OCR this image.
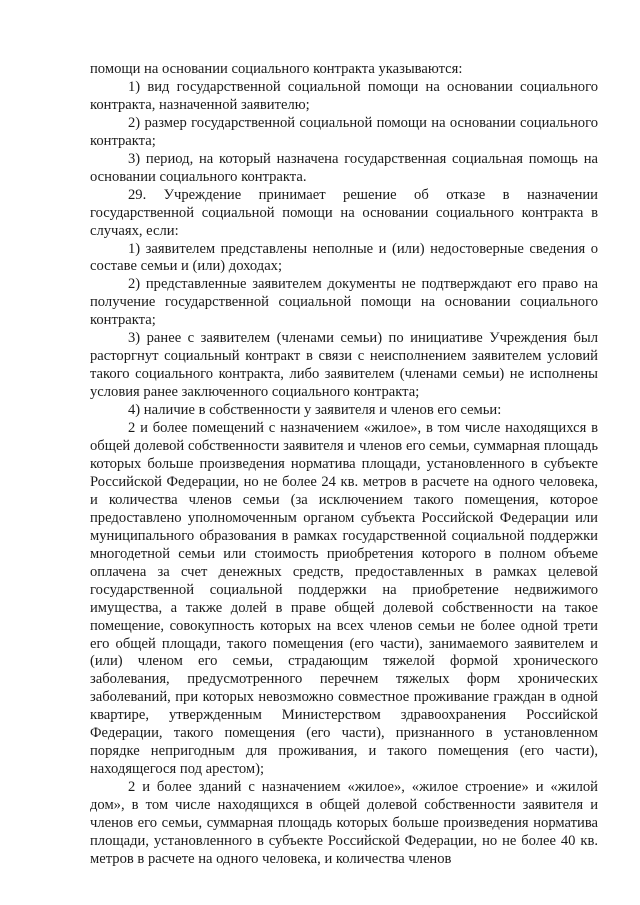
помощи на основании социального контракта указываются:

1) вид государственной социальной помощи на основании социального контракта, назначенной заявителю;

2) размер государственной социальной помощи на основании социального контракта;

3) период, на который назначена государственная социальная помощь на основании социального контракта.

29. Учреждение принимает решение об отказе в назначении государственной социальной помощи на основании социального контракта в случаях, если:

1) заявителем представлены неполные и (или) недостоверные сведения о составе семьи и (или) доходах;

2) представленные заявителем документы не подтверждают его право на получение государственной социальной помощи на основании социального контракта;

3) ранее с заявителем (членами семьи) по инициативе Учреждения был расторгнут социальный контракт в связи с неисполнением заявителем условий такого социального контракта, либо заявителем (членами семьи) не исполнены условия ранее заключенного социального контракта;

4) наличие в собственности у заявителя и членов его семьи:

2 и более помещений с назначением «жилое», в том числе находящихся в общей долевой собственности заявителя и членов его семьи, суммарная площадь которых больше произведения норматива площади, установленного в субъекте Российской Федерации, но не более 24 кв. метров в расчете на одного человека, и количества членов семьи (за исключением такого помещения, которое предоставлено уполномоченным органом субъекта Российской Федерации или муниципального образования в рамках государственной социальной поддержки многодетной семьи или стоимость приобретения которого в полном объеме оплачена за счет денежных средств, предоставленных в рамках целевой государственной социальной поддержки на приобретение недвижимого имущества, а также долей в праве общей долевой собственности на такое помещение, совокупность которых на всех членов семьи не более одной трети его общей площади, такого помещения (его части), занимаемого заявителем и (или) членом его семьи, страдающим тяжелой формой хронического заболевания, предусмотренного перечнем тяжелых форм хронических заболеваний, при которых невозможно совместное проживание граждан в одной квартире, утвержденным Министерством здравоохранения Российской Федерации, такого помещения (его части), признанного в установленном порядке непригодным для проживания, и такого помещения (его части), находящегося под арестом);

2 и более зданий с назначением «жилое», «жилое строение» и «жилой дом», в том числе находящихся в общей долевой собственности заявителя и членов его семьи, суммарная площадь которых больше произведения норматива площади, установленного в субъекте Российской Федерации, но не более 40 кв. метров в расчете на одного человека, и количества членов
